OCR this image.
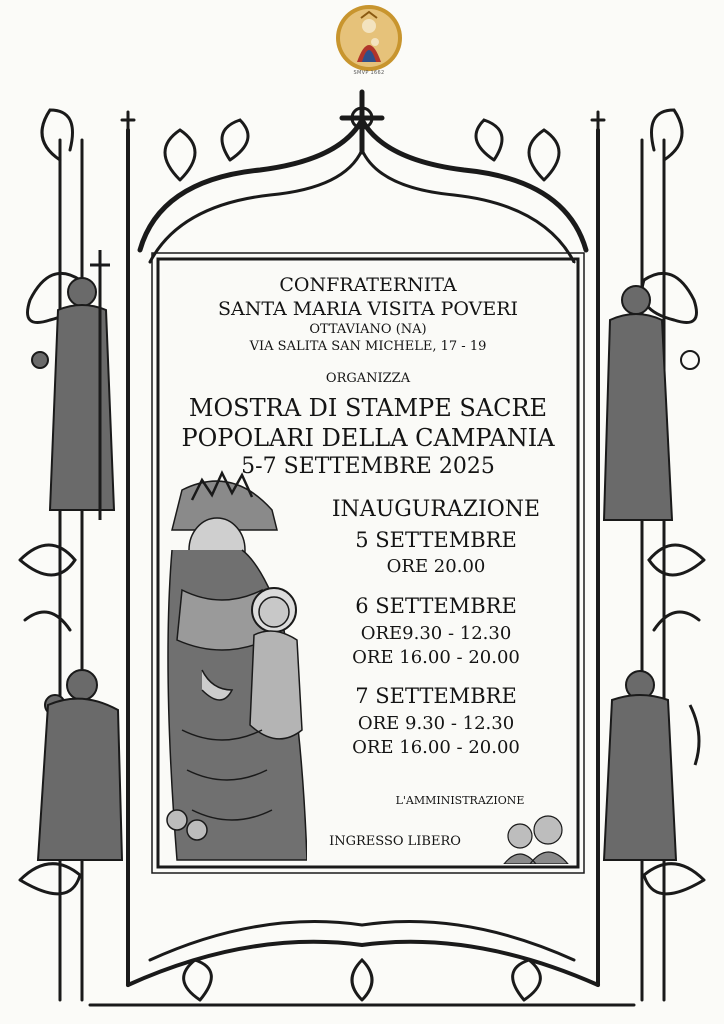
SMVP 1662
CONFRATERNITA
SANTA MARIA VISITA POVERI
OTTAVIANO (NA)
VIA SALITA SAN MICHELE, 17 - 19
ORGANIZZA
MOSTRA DI STAMPE SACRE
POPOLARI DELLA CAMPANIA
5-7 SETTEMBRE 2025
INAUGURAZIONE
5 SETTEMBRE
ORE 20.00
6 SETTEMBRE
ORE9.30 - 12.30
ORE 16.00 - 20.00
7 SETTEMBRE
ORE 9.30 - 12.30
ORE 16.00 - 20.00
L'AMMINISTRAZIONE
INGRESSO LIBERO
